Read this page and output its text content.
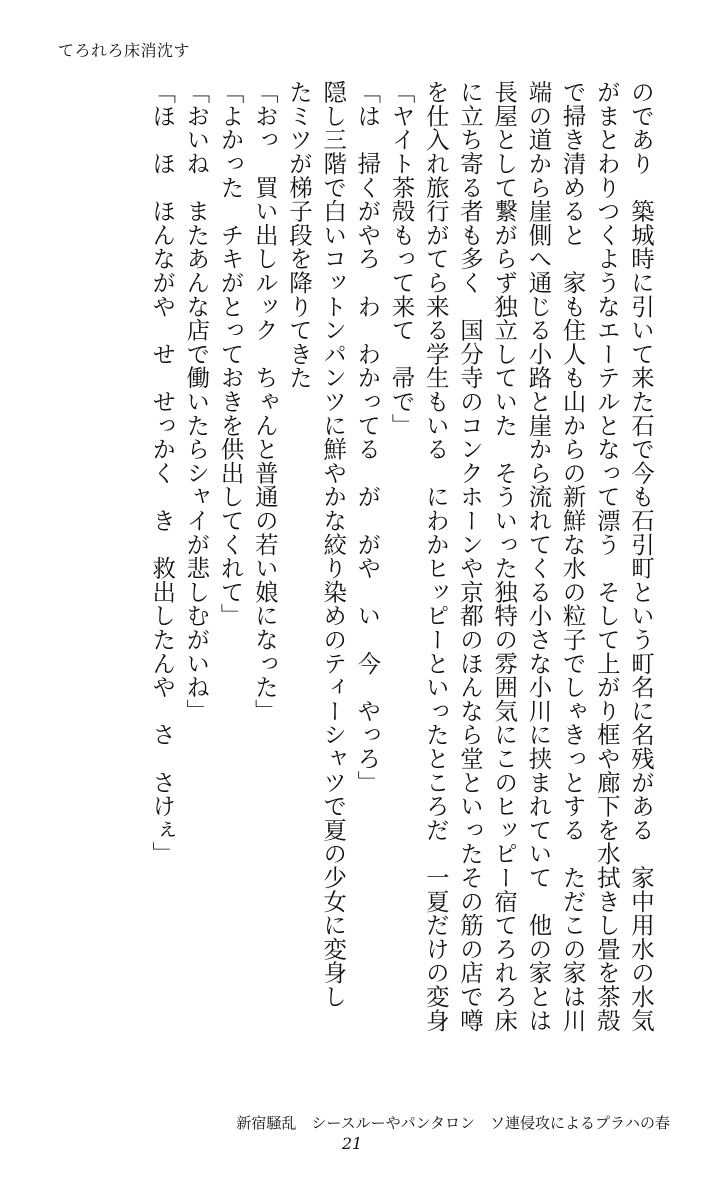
てろれろ床消沈す
のであり　築城時に引いて来た石で今も石引町という町名に名残がある　家中用水の水気
がまとわりつくようなエーテルとなって漂う　そして上がり框や廊下を水拭きし畳を茶殻
で掃き清めると　家も住人も山からの新鮮な水の粒子でしゃきっとする　ただこの家は川
端の道から崖側へ通じる小路と崖から流れてくる小さな小川に挟まれていて　他の家とは
長屋として繋がらず独立していた　そういった独特の雰囲気にこのヒッピー宿てろれろ床
に立ち寄る者も多く　国分寺のコンクホーンや京都のほんなら堂といったその筋の店で噂
を仕入れ旅行がてら来る学生もいる　にわかヒッピーといったところだ　一夏だけの変身
「ヤイト茶殻もって来て　帚で」
「は　掃くがやろ　わ　わかってる　が　がや　い　今　やっろ」
隠し三階で白いコットンパンツに鮮やかな絞り染めのティーシャツで夏の少女に変身し
たミツが梯子段を降りてきた
「おっ　買い出しルック　ちゃんと普通の若い娘になった」
「よかった　チキがとっておきを供出してくれて」
「おいね　またあんな店で働いたらシャイが悲しむがいね」
「ほ　ほ　ほんながや　せ　せっかく　き　救出したんや　さ　さけぇ」
新宿騒乱　シースルーやパンタロン　ソ連侵攻によるプラハの春
21
